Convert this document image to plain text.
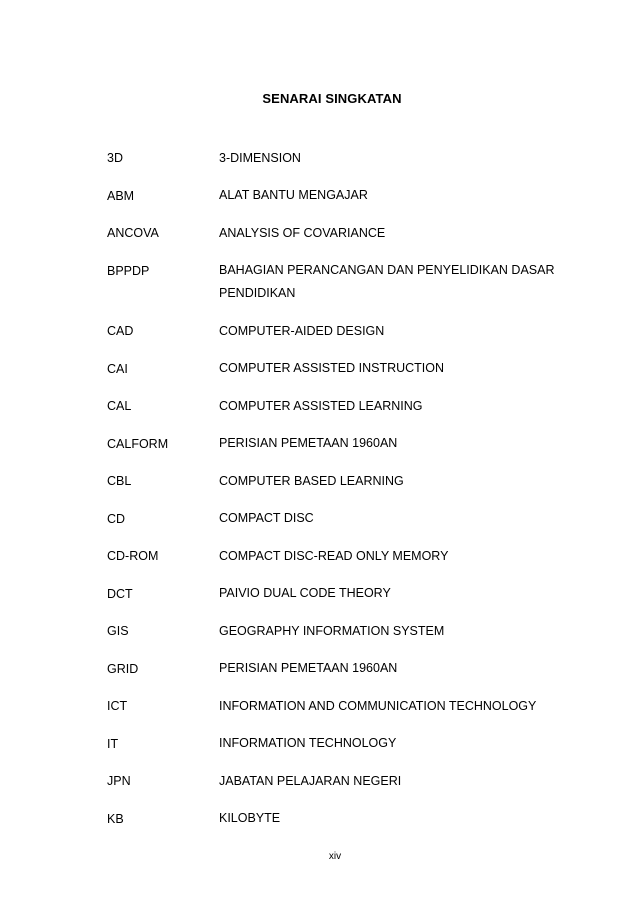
SENARAI SINGKATAN
3D	3-DIMENSION
ABM	ALAT BANTU MENGAJAR
ANCOVA	ANALYSIS OF COVARIANCE
BPPDP	BAHAGIAN PERANCANGAN DAN PENYELIDIKAN DASAR PENDIDIKAN
CAD	COMPUTER-AIDED DESIGN
CAI	COMPUTER ASSISTED INSTRUCTION
CAL	COMPUTER ASSISTED LEARNING
CALFORM	PERISIAN PEMETAAN 1960AN
CBL	COMPUTER BASED LEARNING
CD	COMPACT DISC
CD-ROM	COMPACT DISC-READ ONLY MEMORY
DCT	PAIVIO DUAL CODE THEORY
GIS	GEOGRAPHY INFORMATION SYSTEM
GRID	PERISIAN PEMETAAN 1960AN
ICT	INFORMATION AND COMMUNICATION TECHNOLOGY
IT	INFORMATION TECHNOLOGY
JPN	JABATAN PELAJARAN NEGERI
KB	KILOBYTE
xiv
